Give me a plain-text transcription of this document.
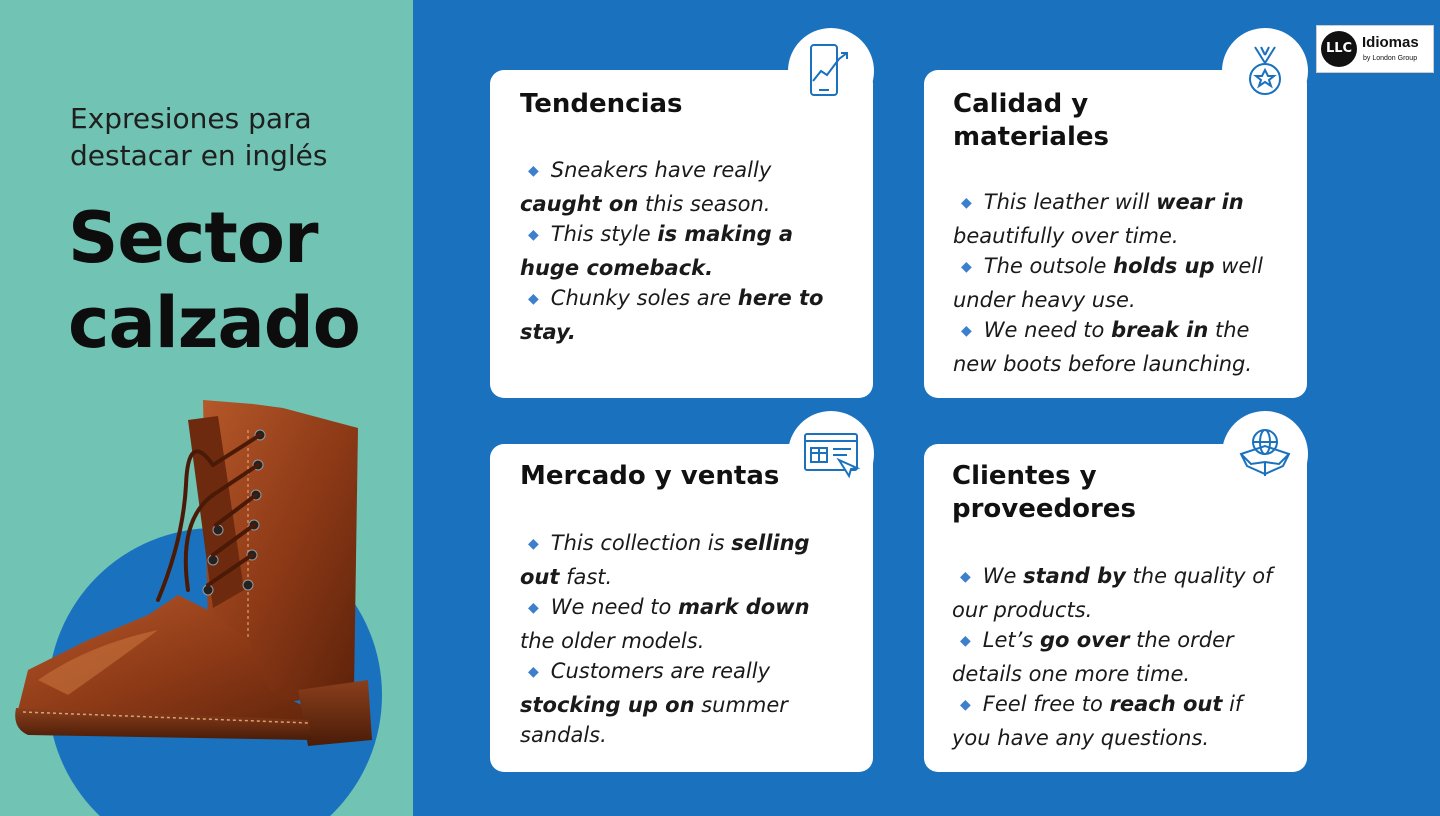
Expresiones para
destacar en inglés
Sector
calzado
LLC Idiomas
by London Group
Tendencias
◆ Sneakers have really
caught on this season.
◆ This style is making a
huge comeback.
◆ Chunky soles are here to
stay.
Calidad y
materiales
◆ This leather will wear in
beautifully over time.
◆ The outsole holds up well
under heavy use.
◆ We need to break in the
new boots before launching.
Mercado y ventas
◆ This collection is selling
out fast.
◆ We need to mark down
the older models.
◆ Customers are really
stocking up on summer
sandals.
Clientes y
proveedores
◆ We stand by the quality of
our products.
◆ Let’s go over the order
details one more time.
◆ Feel free to reach out if
you have any questions.
